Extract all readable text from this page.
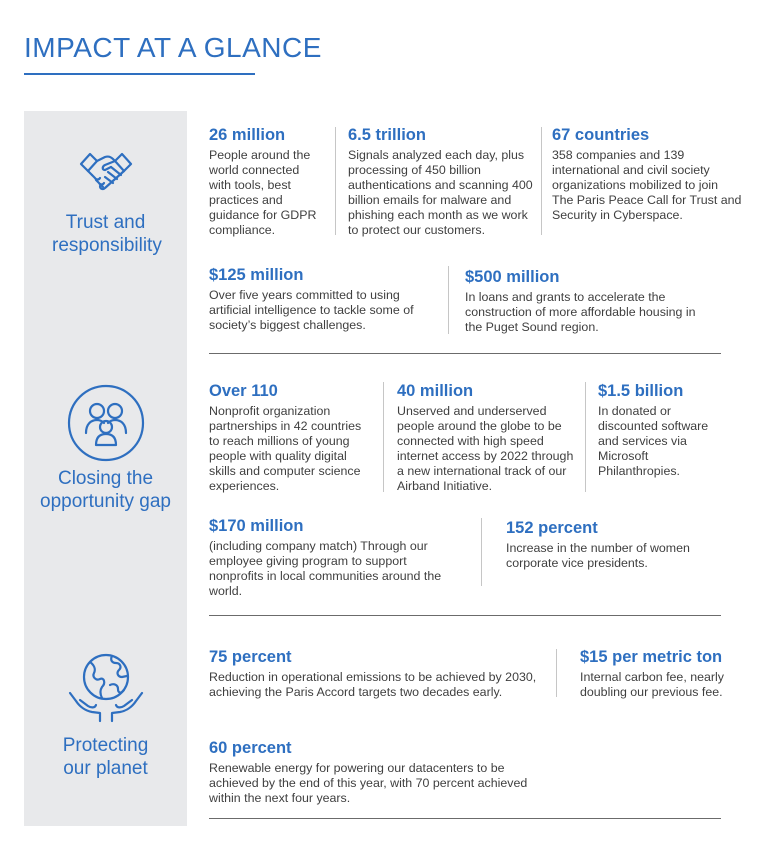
IMPACT AT A GLANCE
Trust and responsibility
26 million
People around the world connected with tools, best practices and guidance for GDPR compliance.
6.5 trillion
Signals analyzed each day, plus processing of 450 billion authentications and scanning 400 billion emails for malware and phishing each month as we work to protect our customers.
67 countries
358 companies and 139 international and civil society organizations mobilized to join The Paris Peace Call for Trust and Security in Cyberspace.
$125 million
Over five years committed to using artificial intelligence to tackle some of society’s biggest challenges.
$500 million
In loans and grants to accelerate the construction of more affordable housing in the Puget Sound region.
Closing the opportunity gap
Over 110
Nonprofit organization partnerships in 42 countries to reach millions of young people with quality digital skills and computer science experiences.
40 million
Unserved and underserved people around the globe to be connected with high speed internet access by 2022 through a new international track of our Airband Initiative.
$1.5 billion
In donated or discounted software and services via Microsoft Philanthropies.
$170 million
(including company match) Through our employee giving program to support nonprofits in local communities around the world.
152 percent
Increase in the number of women corporate vice presidents.
Protecting our planet
75 percent
Reduction in operational emissions to be achieved by 2030, achieving the Paris Accord targets two decades early.
$15 per metric ton
Internal carbon fee, nearly doubling our previous fee.
60 percent
Renewable energy for powering our datacenters to be achieved by the end of this year, with 70 percent achieved within the next four years.
